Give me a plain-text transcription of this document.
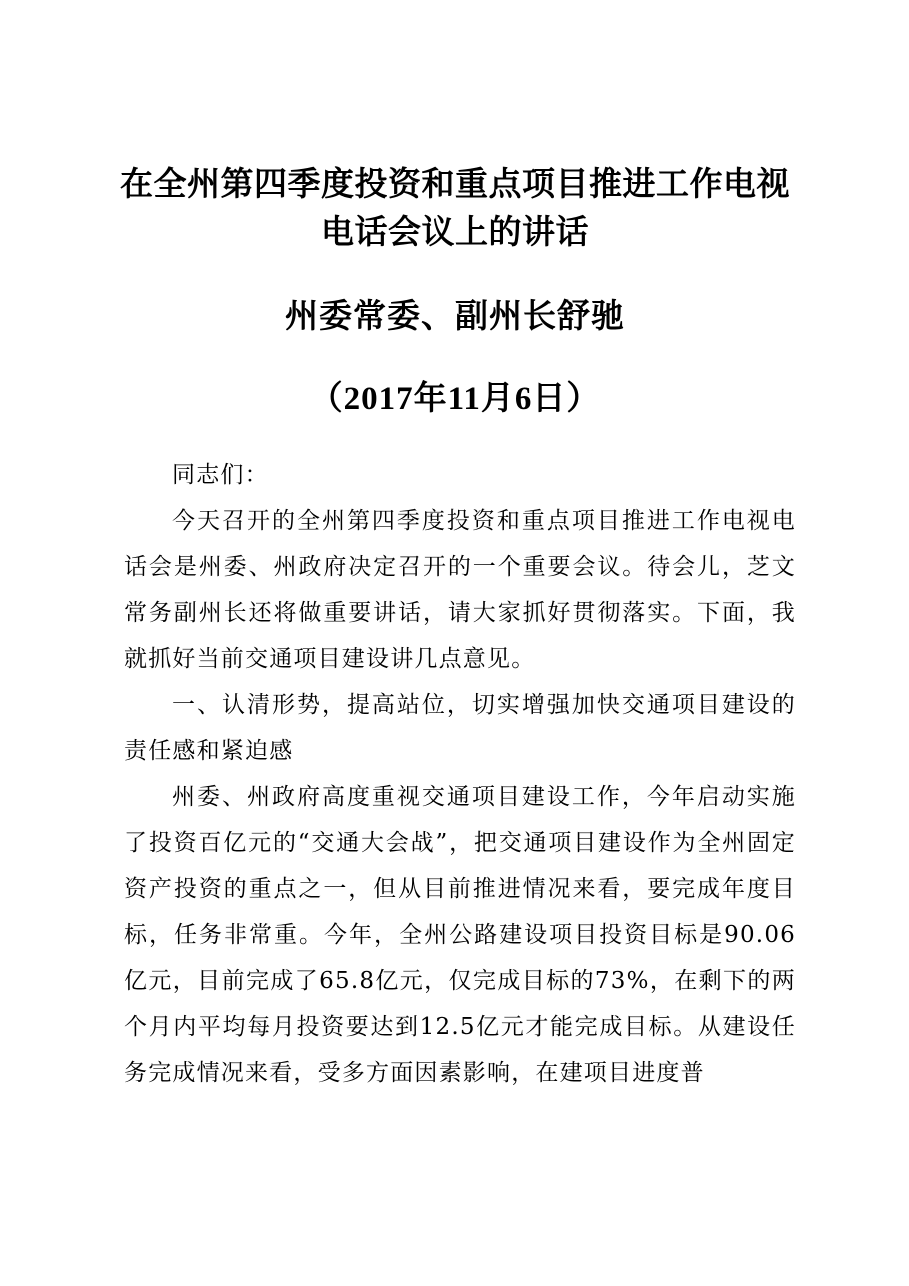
在全州第四季度投资和重点项目推进工作电视电话会议上的讲话
州委常委、副州长舒驰
（2017年11月6日）

同志们：

今天召开的全州第四季度投资和重点项目推进工作电视电话会是州委、州政府决定召开的一个重要会议。待会儿，芝文常务副州长还将做重要讲话，请大家抓好贯彻落实。下面，我就抓好当前交通项目建设讲几点意见。

一、认清形势，提高站位，切实增强加快交通项目建设的责任感和紧迫感

州委、州政府高度重视交通项目建设工作，今年启动实施了投资百亿元的“交通大会战”，把交通项目建设作为全州固定资产投资的重点之一，但从目前推进情况来看，要完成年度目标，任务非常重。今年，全州公路建设项目投资目标是90.06亿元，目前完成了65.8亿元，仅完成目标的73%，在剩下的两个月内平均每月投资要达到12.5亿元才能完成目标。从建设任务完成情况来看，受多方面因素影响，在建项目进度普
